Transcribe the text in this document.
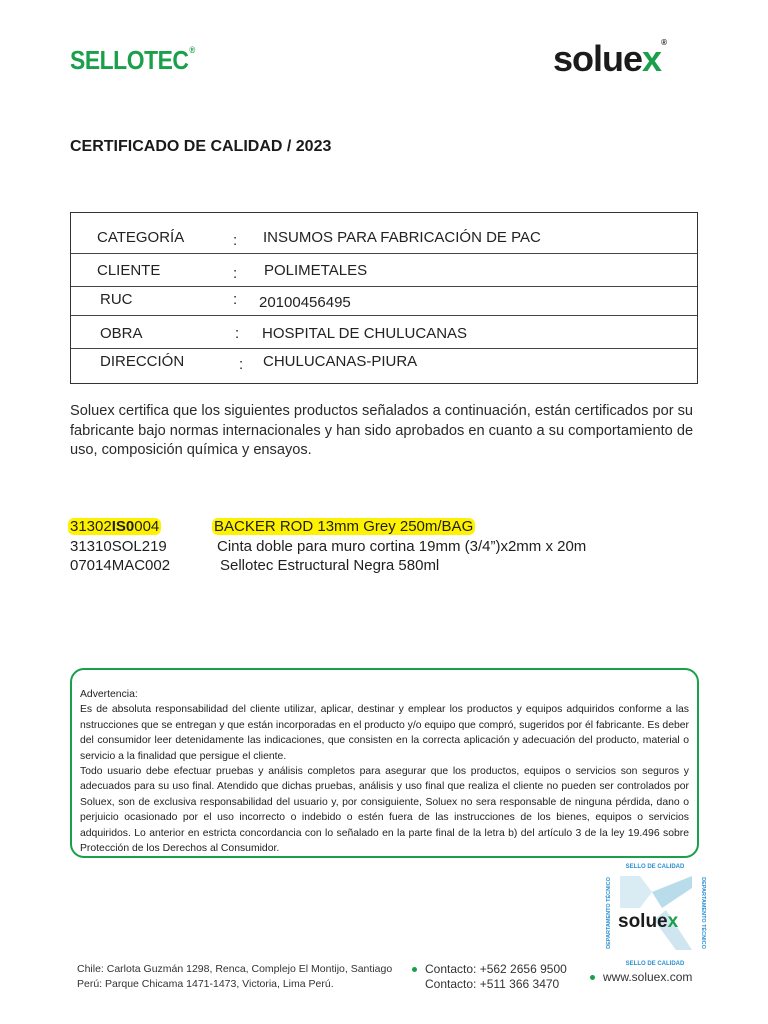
SELLOTEC®	soluex®
CERTIFICADO DE CALIDAD / 2023
CATEGORÍA	: INSUMOS PARA FABRICACIÓN DE PAC
CLIENTE	: POLIMETALES
RUC	: 20100456495
OBRA	: HOSPITAL DE CHULUCANAS
DIRECCIÓN	: CHULUCANAS-PIURA
Soluex certifica que los siguientes productos señalados a continuación, están certificados por su fabricante bajo normas internacionales y han sido aprobados en cuanto a su comportamiento de uso, composición química y ensayos.
31302IS0004	BACKER ROD 13mm Grey 250m/BAG
31310SOL219	Cinta doble para muro cortina 19mm (3/4”)x2mm x 20m
07014MAC002	Sellotec Estructural Negra 580ml

Advertencia:

Es de absoluta responsabilidad del cliente utilizar, aplicar, destinar y emplear los productos y equipos adquiridos conforme a las nstrucciones que se entregan y que están incorporadas en el producto y/o equipo que compró, sugeridos por él fabricante. Es deber del consumidor leer detenidamente las indicaciones, que consisten en la correcta aplicación y adecuación del producto, material o servicio a la finalidad que persigue el cliente.

Todo usuario debe efectuar pruebas y análisis completos para asegurar que los productos, equipos o servicios son seguros y adecuados para su uso final. Atendido que dichas pruebas, análisis y uso final que realiza el cliente no pueden ser controlados por Soluex, son de exclusiva responsabilidad del usuario y, por consiguiente, Soluex no sera responsable de ninguna pérdida, dano o perjuicio ocasionado por el uso incorrecto o indebido o estén fuera de las instrucciones de los bienes, equipos o servicios adquiridos. Lo anterior en estricta concordancia con lo señalado en la parte final de la letra b) del artículo 3 de la ley 19.496 sobre Protección de los Derechos al Consumidor.

SELLO DE CALIDAD
SELLO DE CALIDAD
DEPARTAMENTO TÉCNICO	DEPARTAMENTO TÉCNICO
soluex
Chile: Carlota Guzmán 1298, Renca, Complejo El Montijo, Santiago
Perú: Parque Chicama 1471-1473, Victoria, Lima Perú.
Contacto: +562 2656 9500
Contacto: +511 366 3470	www.soluex.com
